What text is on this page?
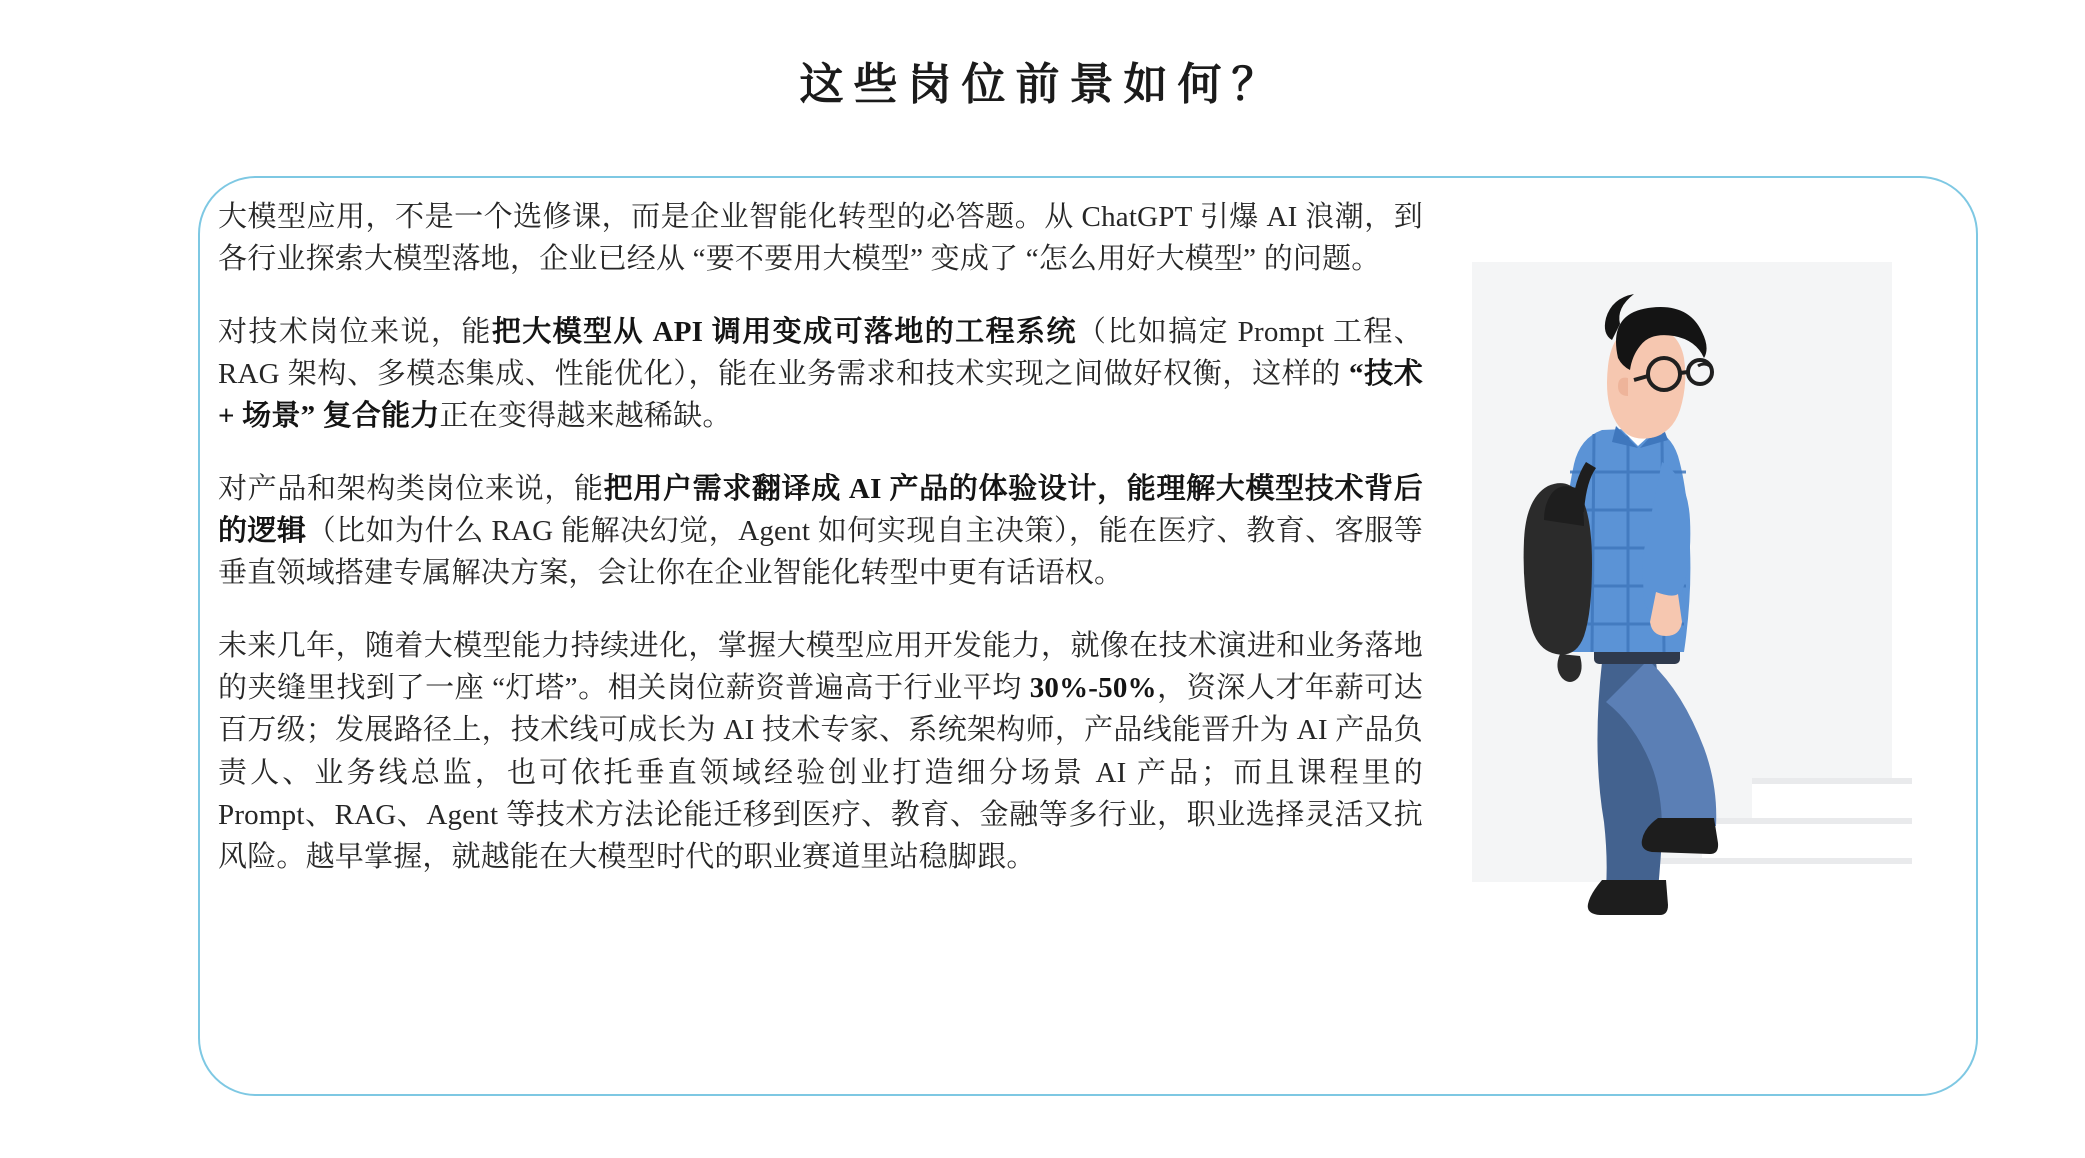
这些岗位前景如何？

大模型应用，不是一个选修课，而是企业智能化转型的必答题。从 ChatGPT 引爆 AI 浪潮，到各行业探索大模型落地，企业已经从 “要不要用大模型” 变成了 “怎么用好大模型” 的问题。

对技术岗位来说，能把大模型从 API 调用变成可落地的工程系统（比如搞定 Prompt 工程、RAG 架构、多模态集成、性能优化），能在业务需求和技术实现之间做好权衡，这样的 “技术 + 场景” 复合能力正在变得越来越稀缺。

对产品和架构类岗位来说，能把用户需求翻译成 AI 产品的体验设计，能理解大模型技术背后的逻辑（比如为什么 RAG 能解决幻觉，Agent 如何实现自主决策），能在医疗、教育、客服等垂直领域搭建专属解决方案，会让你在企业智能化转型中更有话语权。

未来几年，随着大模型能力持续进化，掌握大模型应用开发能力，就像在技术演进和业务落地的夹缝里找到了一座 “灯塔”。相关岗位薪资普遍高于行业平均 30%-50%，资深人才年薪可达百万级；发展路径上，技术线可成长为 AI 技术专家、系统架构师，产品线能晋升为 AI 产品负责人、业务线总监，也可依托垂直领域经验创业打造细分场景 AI 产品；而且课程里的 Prompt、RAG、Agent 等技术方法论能迁移到医疗、教育、金融等多行业，职业选择灵活又抗风险。越早掌握，就越能在大模型时代的职业赛道里站稳脚跟。
